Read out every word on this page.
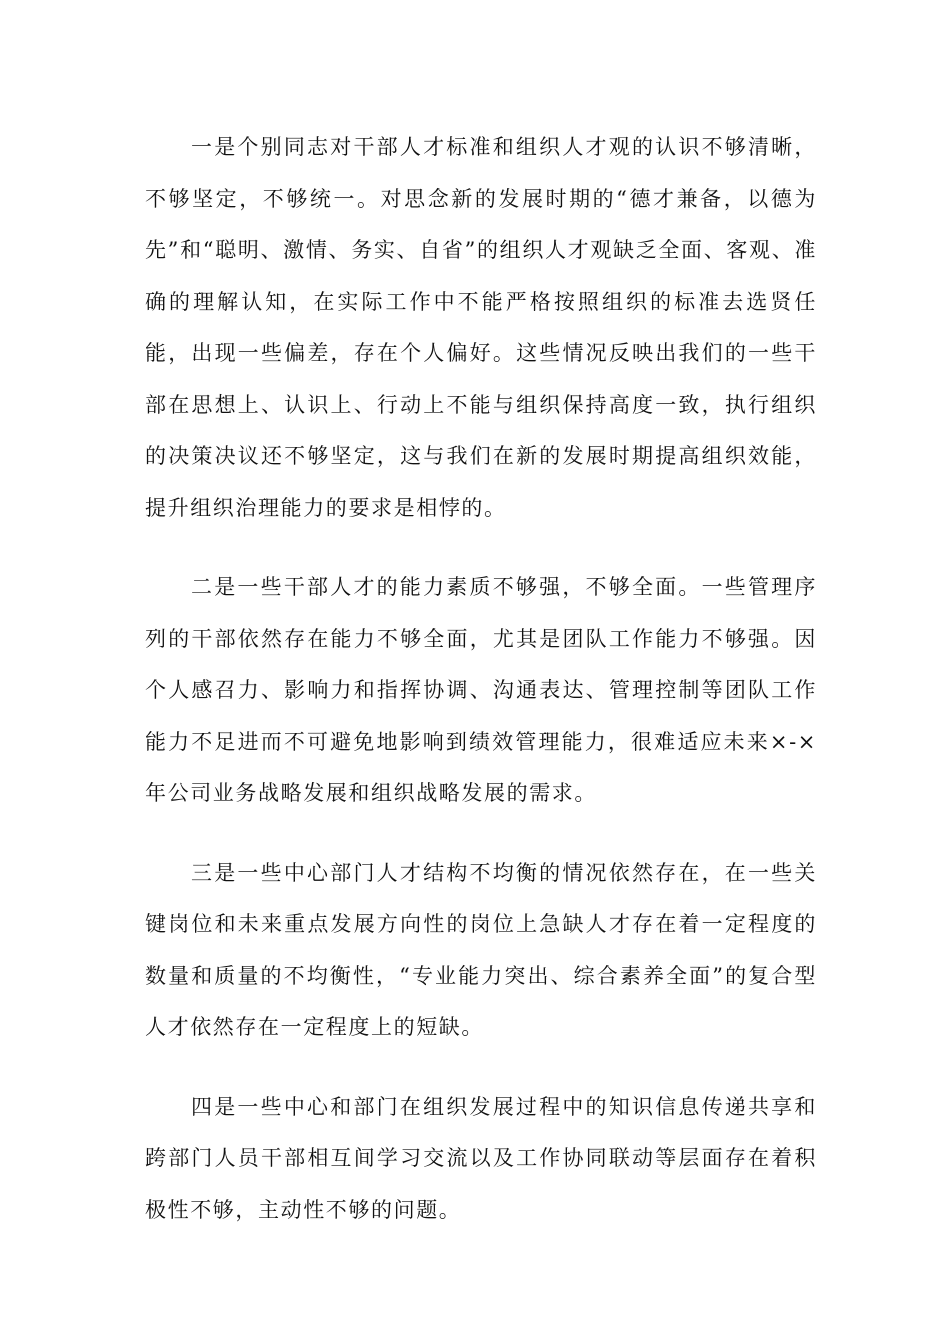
一是个别同志对干部人才标准和组织人才观的认识不够清晰，不够坚定，不够统一。对思念新的发展时期的“德才兼备，以德为先”和“聪明、激情、务实、自省”的组织人才观缺乏全面、客观、准确的理解认知，在实际工作中不能严格按照组织的标准去选贤任能，出现一些偏差，存在个人偏好。这些情况反映出我们的一些干部在思想上、认识上、行动上不能与组织保持高度一致，执行组织的决策决议还不够坚定，这与我们在新的发展时期提高组织效能，提升组织治理能力的要求是相悖的。

二是一些干部人才的能力素质不够强，不够全面。一些管理序列的干部依然存在能力不够全面，尤其是团队工作能力不够强。因个人感召力、影响力和指挥协调、沟通表达、管理控制等团队工作能力不足进而不可避免地影响到绩效管理能力，很难适应未来×-×年公司业务战略发展和组织战略发展的需求。

三是一些中心部门人才结构不均衡的情况依然存在，在一些关键岗位和未来重点发展方向性的岗位上急缺人才存在着一定程度的数量和质量的不均衡性，“专业能力突出、综合素养全面”的复合型人才依然存在一定程度上的短缺。

四是一些中心和部门在组织发展过程中的知识信息传递共享和跨部门人员干部相互间学习交流以及工作协同联动等层面存在着积极性不够，主动性不够的问题。
